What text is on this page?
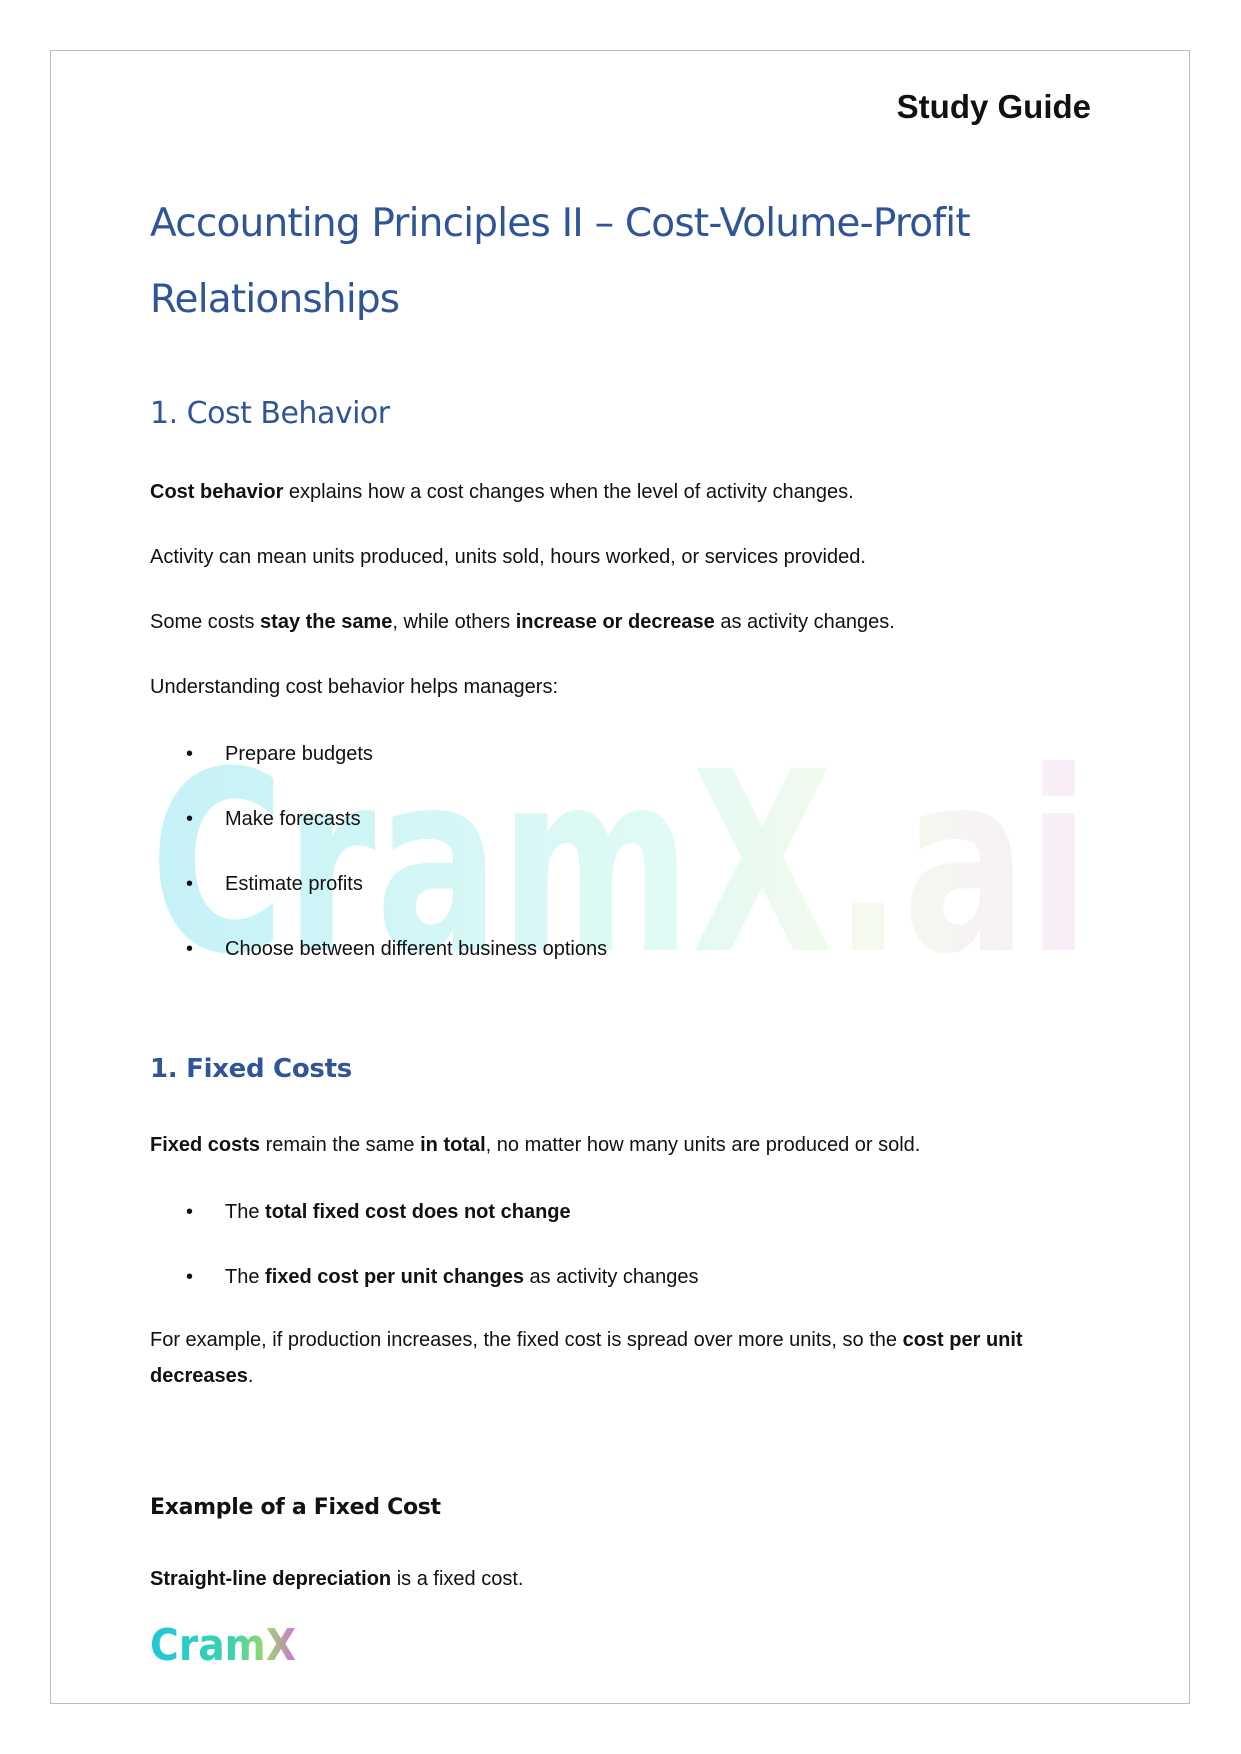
Study Guide
Accounting Principles II – Cost-Volume-Profit Relationships
CramX.ai
1. Cost Behavior

Cost behavior explains how a cost changes when the level of activity changes.

Activity can mean units produced, units sold, hours worked, or services provided.

Some costs stay the same, while others increase or decrease as activity changes.

Understanding cost behavior helps managers:

•	Prepare budgets
•	Make forecasts
•	Estimate profits
•	Choose between different business options
1. Fixed Costs

Fixed costs remain the same in total, no matter how many units are produced or sold.

•	The total fixed cost does not change
•	The fixed cost per unit changes as activity changes

For example, if production increases, the fixed cost is spread over more units, so the cost per unit decreases.

Example of a Fixed Cost

Straight-line depreciation is a fixed cost.

CramX
